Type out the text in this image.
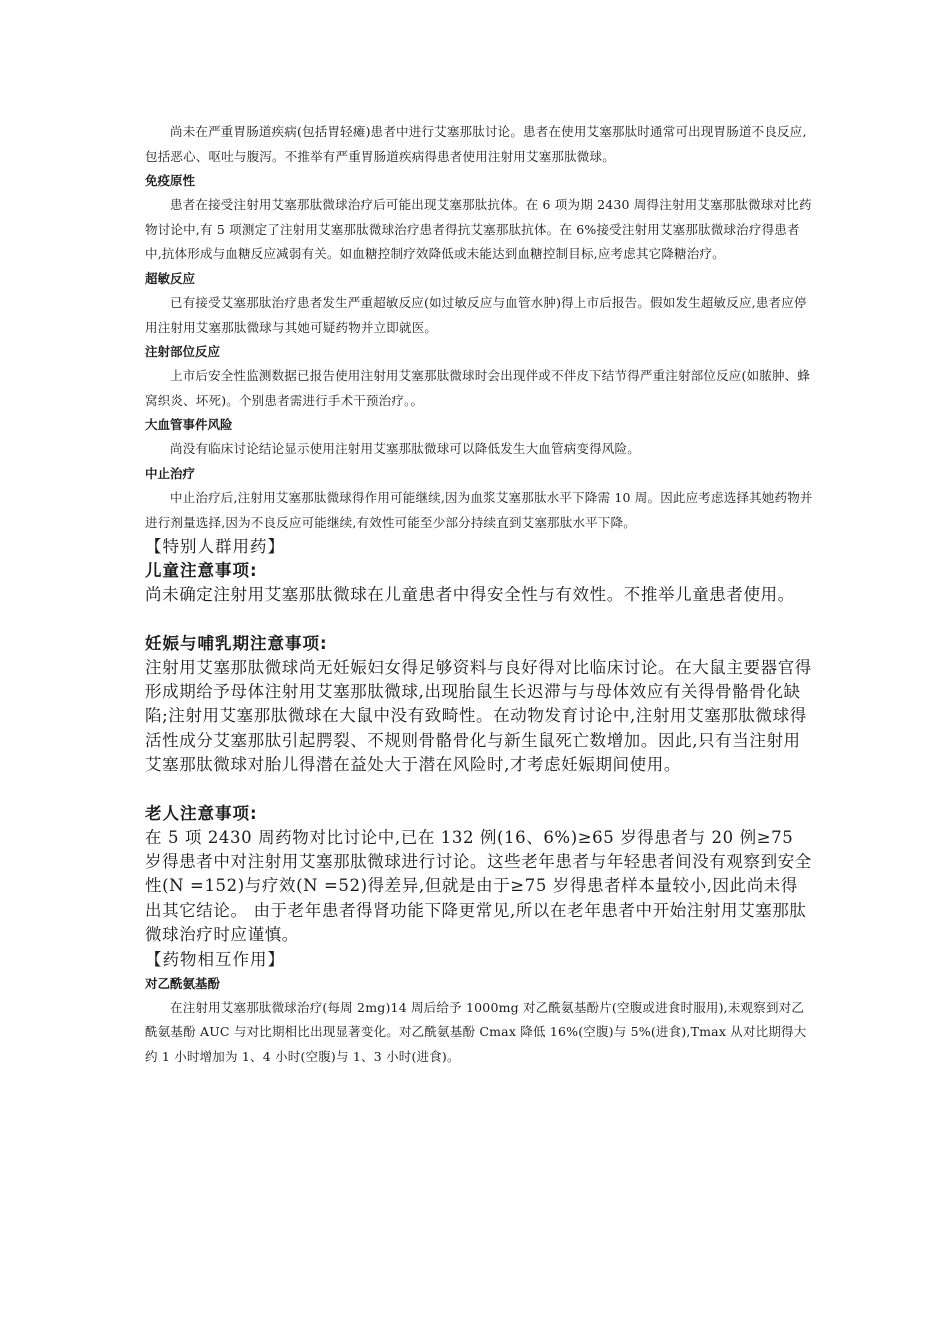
尚未在严重胃肠道疾病(包括胃轻瘫)患者中进行艾塞那肽讨论。患者在使用艾塞那肽时通常可出现胃肠道不良反应,包括恶心、呕吐与腹泻。不推举有严重胃肠道疾病得患者使用注射用艾塞那肽微球。

免疫原性

患者在接受注射用艾塞那肽微球治疗后可能出现艾塞那肽抗体。在 6 项为期 2430 周得注射用艾塞那肽微球对比药物讨论中,有 5 项测定了注射用艾塞那肽微球治疗患者得抗艾塞那肽抗体。在 6%接受注射用艾塞那肽微球治疗得患者中,抗体形成与血糖反应减弱有关。如血糖控制疗效降低或未能达到血糖控制目标,应考虑其它降糖治疗。

超敏反应

已有接受艾塞那肽治疗患者发生严重超敏反应(如过敏反应与血管水肿)得上市后报告。假如发生超敏反应,患者应停用注射用艾塞那肽微球与其她可疑药物并立即就医。

注射部位反应

上市后安全性监测数据已报告使用注射用艾塞那肽微球时会出现伴或不伴皮下结节得严重注射部位反应(如脓肿、蜂窝织炎、坏死)。个别患者需进行手术干预治疗。。

大血管事件风险

尚没有临床讨论结论显示使用注射用艾塞那肽微球可以降低发生大血管病变得风险。

中止治疗

中止治疗后,注射用艾塞那肽微球得作用可能继续,因为血浆艾塞那肽水平下降需 10 周。因此应考虑选择其她药物并进行剂量选择,因为不良反应可能继续,有效性可能至少部分持续直到艾塞那肽水平下降。

【特别人群用药】

儿童注意事项:

尚未确定注射用艾塞那肽微球在儿童患者中得安全性与有效性。不推举儿童患者使用。

妊娠与哺乳期注意事项:

注射用艾塞那肽微球尚无妊娠妇女得足够资料与良好得对比临床讨论。在大鼠主要器官得形成期给予母体注射用艾塞那肽微球,出现胎鼠生长迟滞与与母体效应有关得骨骼骨化缺陷;注射用艾塞那肽微球在大鼠中没有致畸性。在动物发育讨论中,注射用艾塞那肽微球得活性成分艾塞那肽引起腭裂、不规则骨骼骨化与新生鼠死亡数增加。因此,只有当注射用艾塞那肽微球对胎儿得潜在益处大于潜在风险时,才考虑妊娠期间使用。

老人注意事项:

在 5 项 2430 周药物对比讨论中,已在 132 例(16、6%)≥65 岁得患者与 20 例≥75 岁得患者中对注射用艾塞那肽微球进行讨论。这些老年患者与年轻患者间没有观察到安全性(N =152)与疗效(N =52)得差异,但就是由于≥75 岁得患者样本量较小,因此尚未得出其它结论。 由于老年患者得肾功能下降更常见,所以在老年患者中开始注射用艾塞那肽微球治疗时应谨慎。

【药物相互作用】

对乙酰氨基酚

在注射用艾塞那肽微球治疗(每周 2mg)14 周后给予 1000mg 对乙酰氨基酚片(空腹或进食时服用),未观察到对乙酰氨基酚 AUC 与对比期相比出现显著变化。对乙酰氨基酚 Cmax 降低 16%(空腹)与 5%(进食),Tmax 从对比期得大约 1 小时增加为 1、4 小时(空腹)与 1、3 小时(进食)。
